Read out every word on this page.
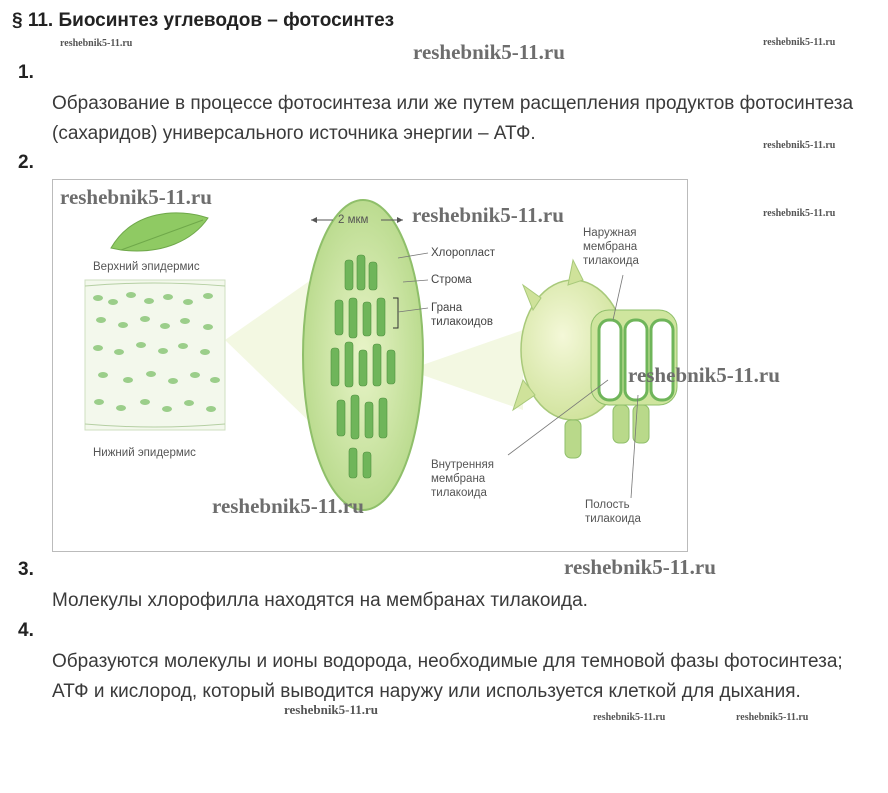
§ 11. Биосинтез углеводов – фотосинтез
reshebnik5-11.ru	reshebnik5-11.ru	reshebnik5-11.ru
1.
Образование в процессе фотосинтеза или же путем расщепления продуктов фотосинтеза (сахаридов) универсального источника энергии – АТФ.
reshebnik5-11.ru
2.
Верхний эпидермис
Нижний эпидермис
2 мкм
Хлоропласт
Строма
Грана тилакоидов
Наружная мембрана тилакоида
Внутренняя мембрана тилакоида
Полость тилакоида
reshebnik5-11.ru
reshebnik5-11.ru	reshebnik5-11.ru
reshebnik5-11.ru
reshebnik5-11.ru
3.	reshebnik5-11.ru
Молекулы хлорофилла находятся на мембранах тилакоида.
4.
Образуются молекулы и ионы водорода, необходимые для темновой фазы фотосинтеза; АТФ и кислород, который выводится наружу или используется клеткой для дыхания.
reshebnik5-11.ru
reshebnik5-11.ru	reshebnik5-11.ru
